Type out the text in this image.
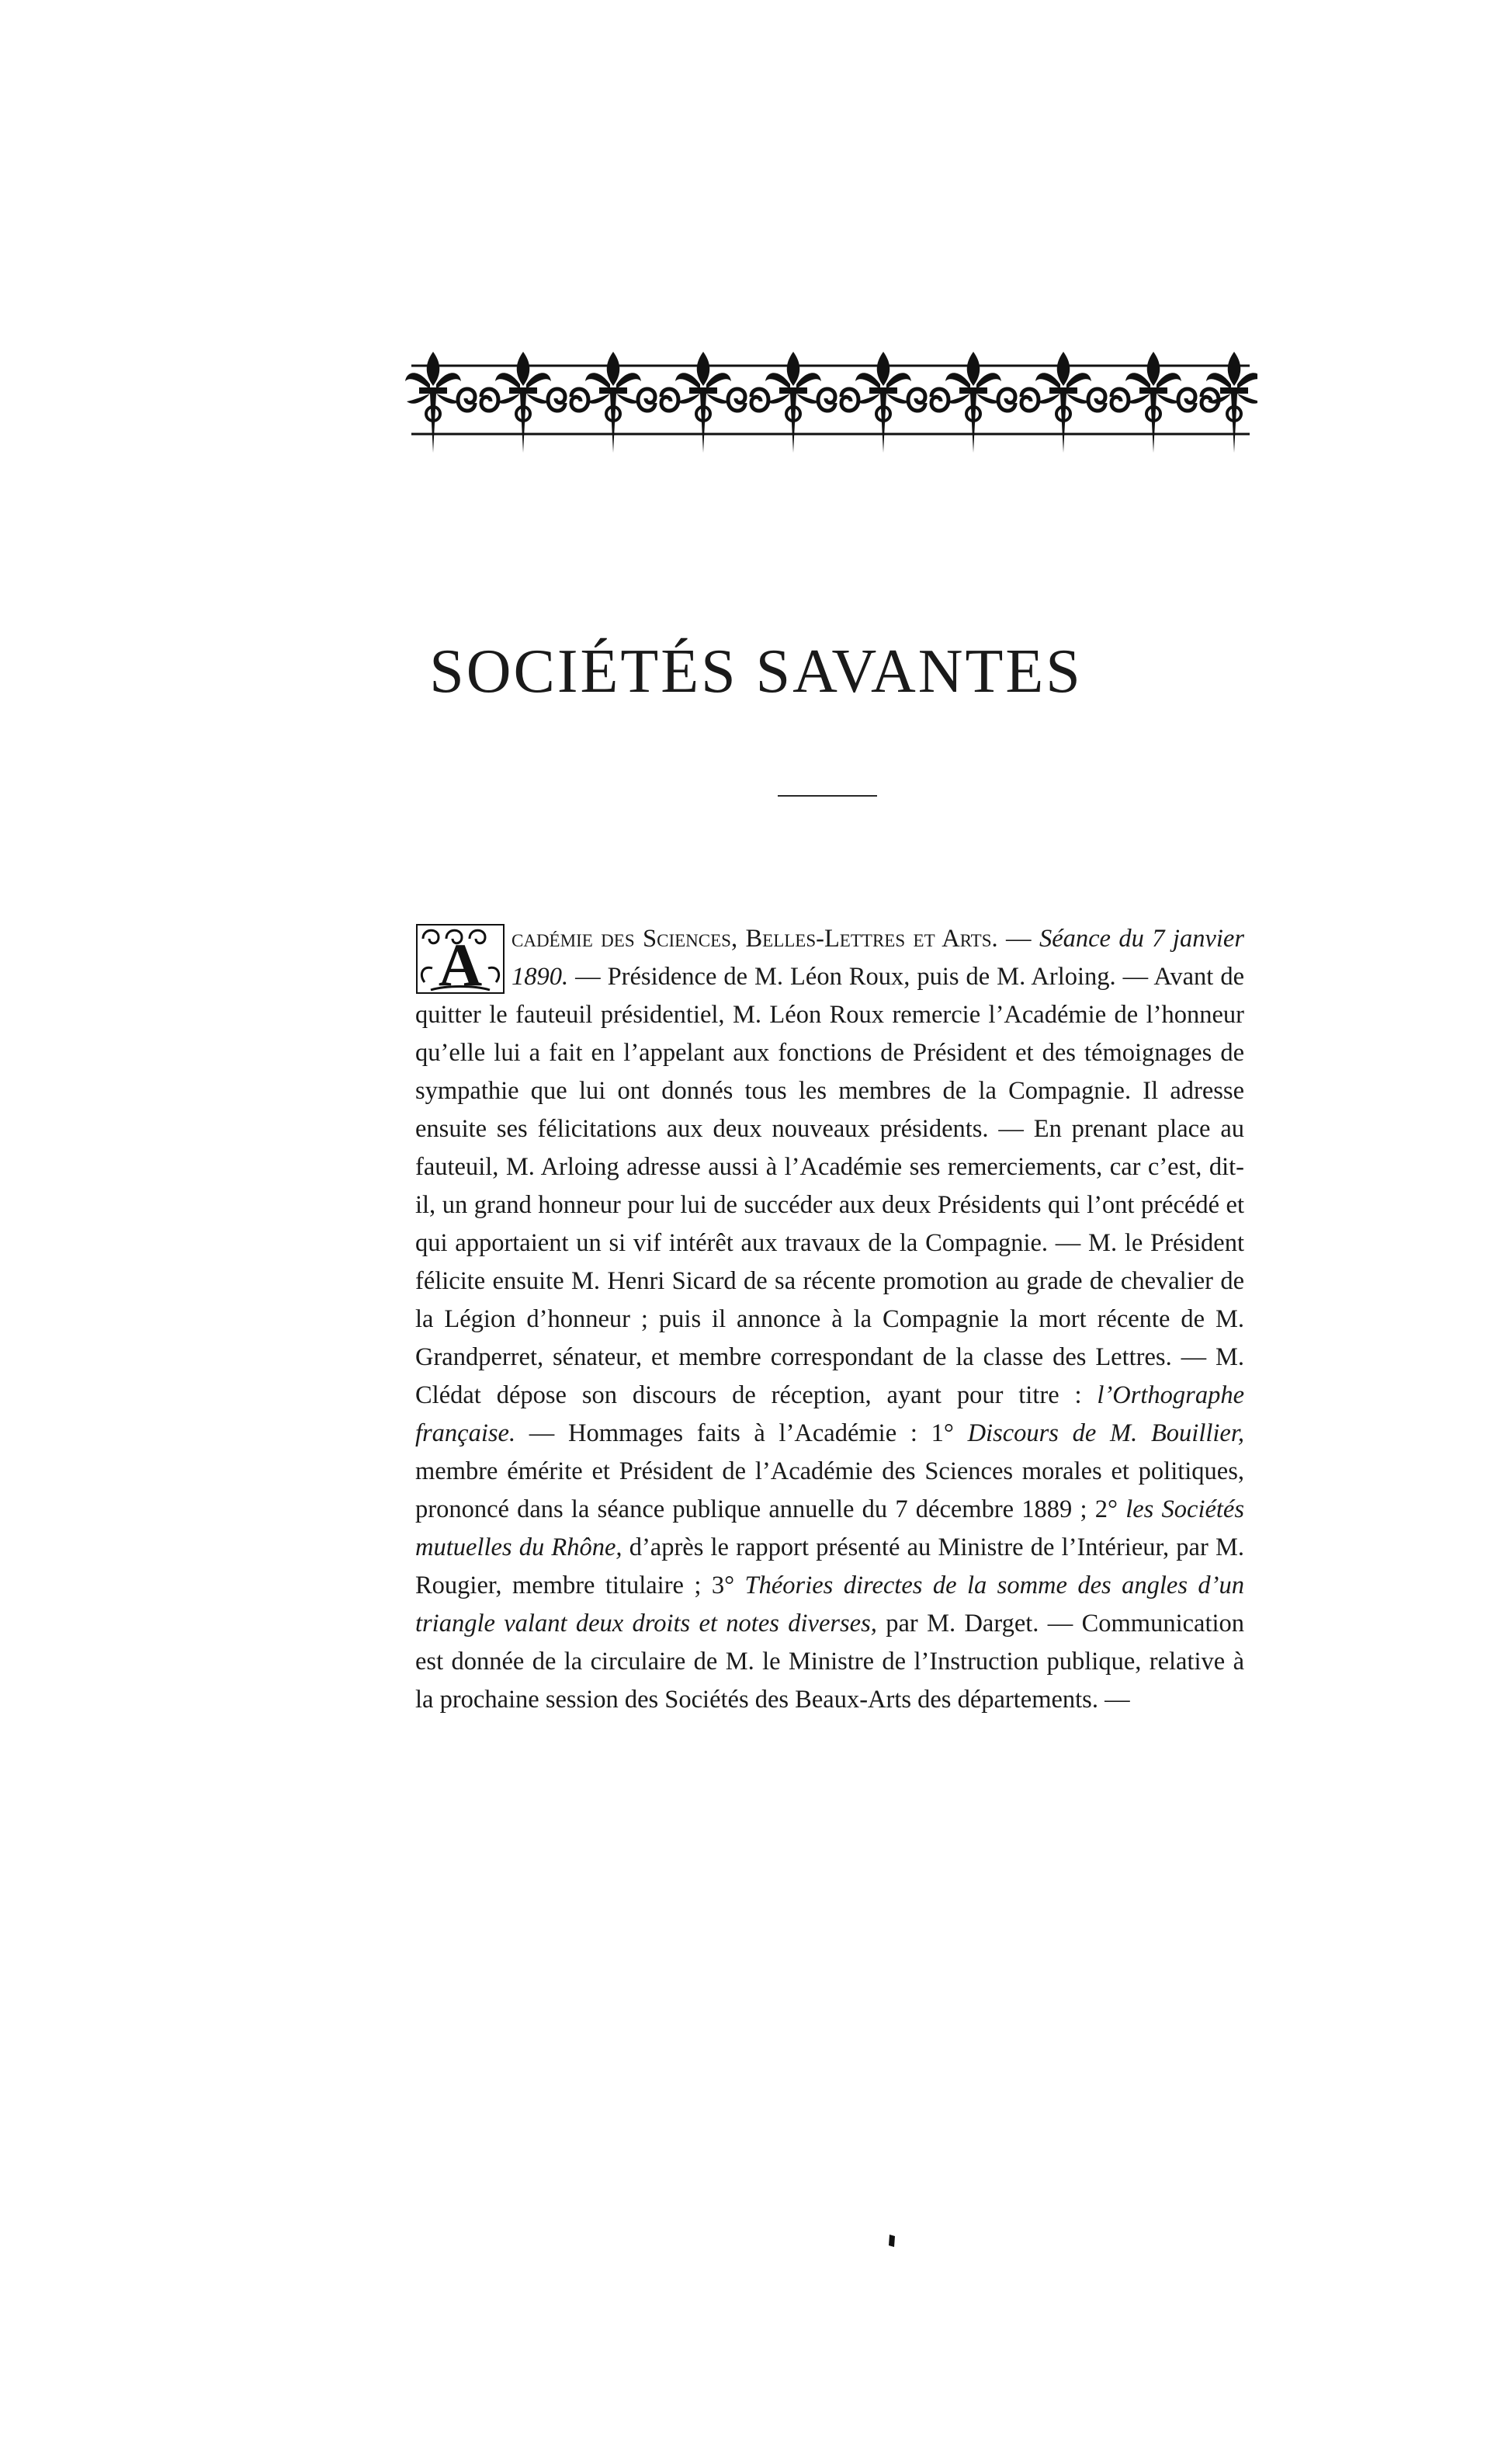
SOCIÉTÉS SAVANTES

A cadémie des Sciences, Belles-Lettres et Arts. — Séance du 7 janvier 1890. — Présidence de M. Léon Roux, puis de M. Arloing. — Avant de quitter le fauteuil présidentiel, M. Léon Roux remercie l’Académie de l’honneur qu’elle lui a fait en l’appelant aux fonctions de Président et des témoignages de sympathie que lui ont donnés tous les membres de la Compagnie. Il adresse ensuite ses félicitations aux deux nouveaux présidents. — En prenant place au fauteuil, M. Arloing adresse aussi à l’Académie ses remerciements, car c’est, dit-il, un grand honneur pour lui de succéder aux deux Présidents qui l’ont précédé et qui apportaient un si vif intérêt aux travaux de la Compagnie. — M. le Président félicite ensuite M. Henri Sicard de sa récente promotion au grade de chevalier de la Légion d’honneur ; puis il annonce à la Compagnie la mort récente de M. Grandperret, sénateur, et membre correspondant de la classe des Lettres. — M. Clédat dépose son discours de réception, ayant pour titre : l’Orthographe française. — Hommages faits à l’Académie : 1° Discours de M. Bouillier, membre émérite et Président de l’Académie des Sciences morales et politiques, prononcé dans la séance publique annuelle du 7 décembre 1889 ; 2° les Sociétés mutuelles du Rhône, d’après le rapport présenté au Ministre de l’Intérieur, par M. Rougier, membre titulaire ; 3° Théories directes de la somme des angles d’un triangle valant deux droits et notes diverses, par M. Darget. — Communication est donnée de la circulaire de M. le Ministre de l’Instruction publique, relative à la prochaine session des Sociétés des Beaux-Arts des départements. —
